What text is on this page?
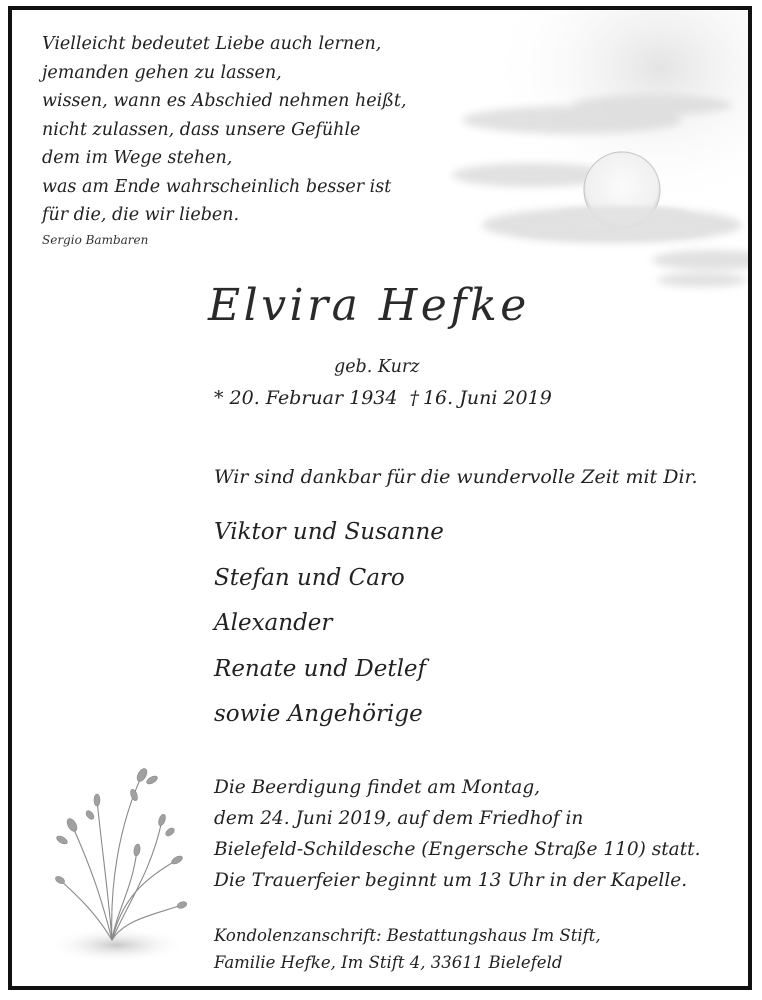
Vielleicht bedeutet Liebe auch lernen,
jemanden gehen zu lassen,
wissen, wann es Abschied nehmen heißt,
nicht zulassen, dass unsere Gefühle
dem im Wege stehen,
was am Ende wahrscheinlich besser ist
für die, die wir lieben.
Sergio Bambaren
Elvira Hefke
geb. Kurz
* 20. Februar 1934 † 16. Juni 2019
Wir sind dankbar für die wundervolle Zeit mit Dir.
Viktor und Susanne
Stefan und Caro
Alexander
Renate und Detlef
sowie Angehörige
Die Beerdigung findet am Montag,
dem 24. Juni 2019, auf dem Friedhof in
Bielefeld-Schildesche (Engersche Straße 110) statt.
Die Trauerfeier beginnt um 13 Uhr in der Kapelle.
Kondolenzanschrift: Bestattungshaus Im Stift,
Familie Hefke, Im Stift 4, 33611 Bielefeld
